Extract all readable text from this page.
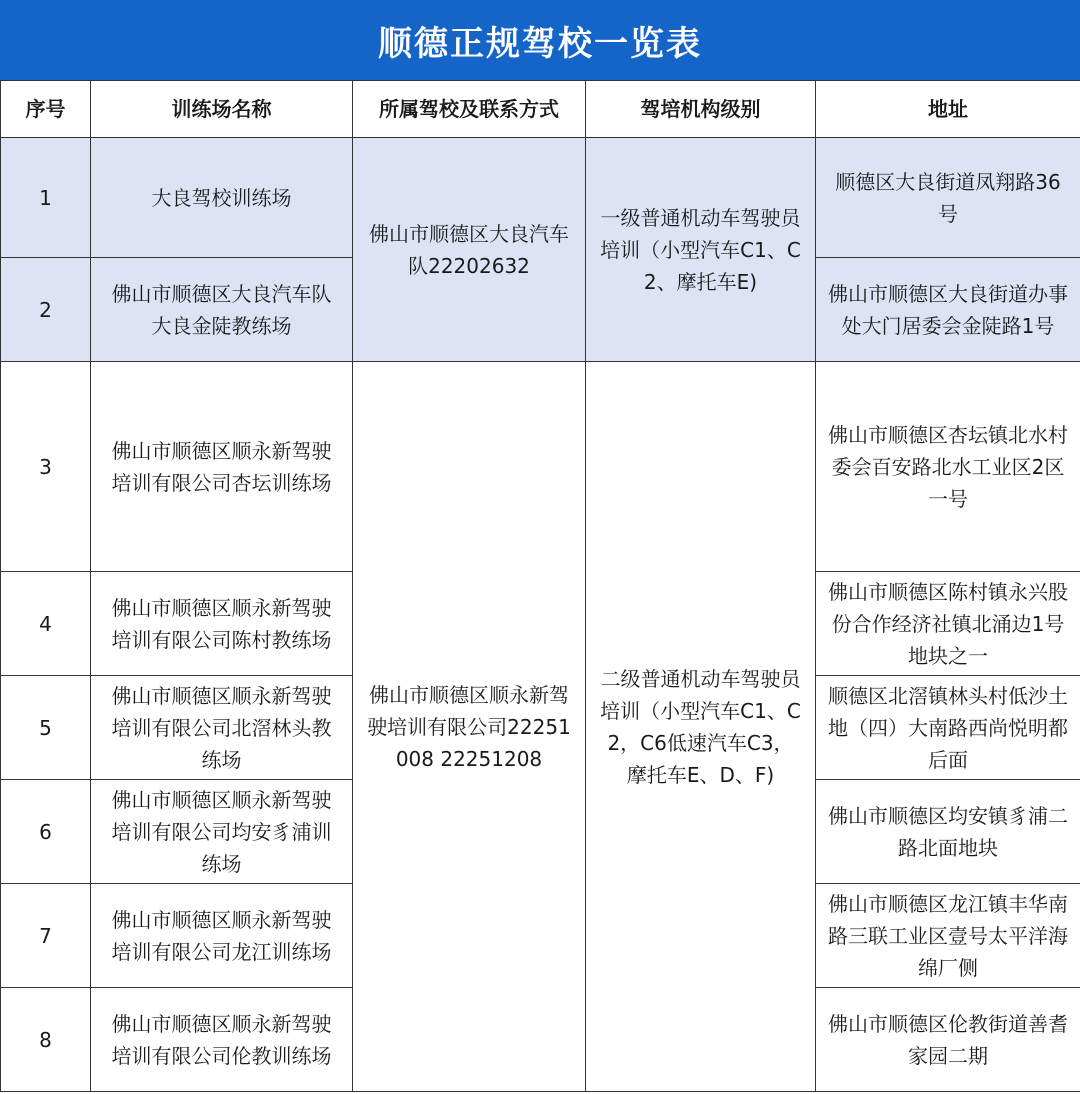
顺德正规驾校一览表
序号	训练场名称	所属驾校及联系方式	驾培机构级别	地址
1	大良驾校训练场	佛山市顺德区大良汽车队22202632	一级普通机动车驾驶员培训（小型汽车C1、C2、摩托车E)	顺德区大良街道凤翔路36号
2	佛山市顺德区大良汽车队大良金陡教练场			佛山市顺德区大良街道办事处大门居委会金陡路1号
3	佛山市顺德区顺永新驾驶培训有限公司杏坛训练场	佛山市顺德区顺永新驾驶培训有限公司22251008 22251208	二级普通机动车驾驶员培训（小型汽车C1、C2，C6低速汽车C3，摩托车E、D、F)	佛山市顺德区杏坛镇北水村委会百安路北水工业区2区一号
4	佛山市顺德区顺永新驾驶培训有限公司陈村教练场			佛山市顺德区陈村镇永兴股份合作经济社镇北涌边1号地块之一
5	佛山市顺德区顺永新驾驶培训有限公司北滘林头教练场			顺德区北滘镇林头村低沙土地（四）大南路西尚悦明都后面
6	佛山市顺德区顺永新驾驶培训有限公司均安豸浦训练场			佛山市顺德区均安镇豸浦二路北面地块
7	佛山市顺德区顺永新驾驶培训有限公司龙江训练场			佛山市顺德区龙江镇丰华南路三联工业区壹号太平洋海绵厂侧
8	佛山市顺德区顺永新驾驶培训有限公司伦教训练场			佛山市顺德区伦教街道善耆家园二期
